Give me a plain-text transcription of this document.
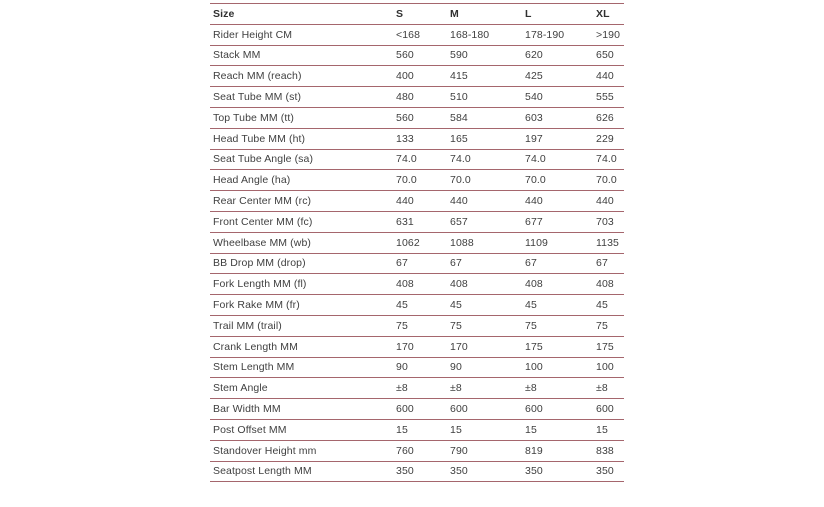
Size	S	M	L	XL
Rider Height CM	<168	168-180	178-190	>190
Stack MM	560	590	620	650
Reach MM (reach)	400	415	425	440
Seat Tube MM (st)	480	510	540	555
Top Tube MM (tt)	560	584	603	626
Head Tube MM (ht)	133	165	197	229
Seat Tube Angle (sa)	74.0	74.0	74.0	74.0
Head Angle (ha)	70.0	70.0	70.0	70.0
Rear Center MM (rc)	440	440	440	440
Front Center MM (fc)	631	657	677	703
Wheelbase MM (wb)	1062	1088	1109	1135
BB Drop MM (drop)	67	67	67	67
Fork Length MM (fl)	408	408	408	408
Fork Rake MM (fr)	45	45	45	45
Trail MM (trail)	75	75	75	75
Crank Length MM	170	170	175	175
Stem Length MM	90	90	100	100
Stem Angle	±8	±8	±8	±8
Bar Width MM	600	600	600	600
Post Offset MM	15	15	15	15
Standover Height mm	760	790	819	838
Seatpost Length MM	350	350	350	350
